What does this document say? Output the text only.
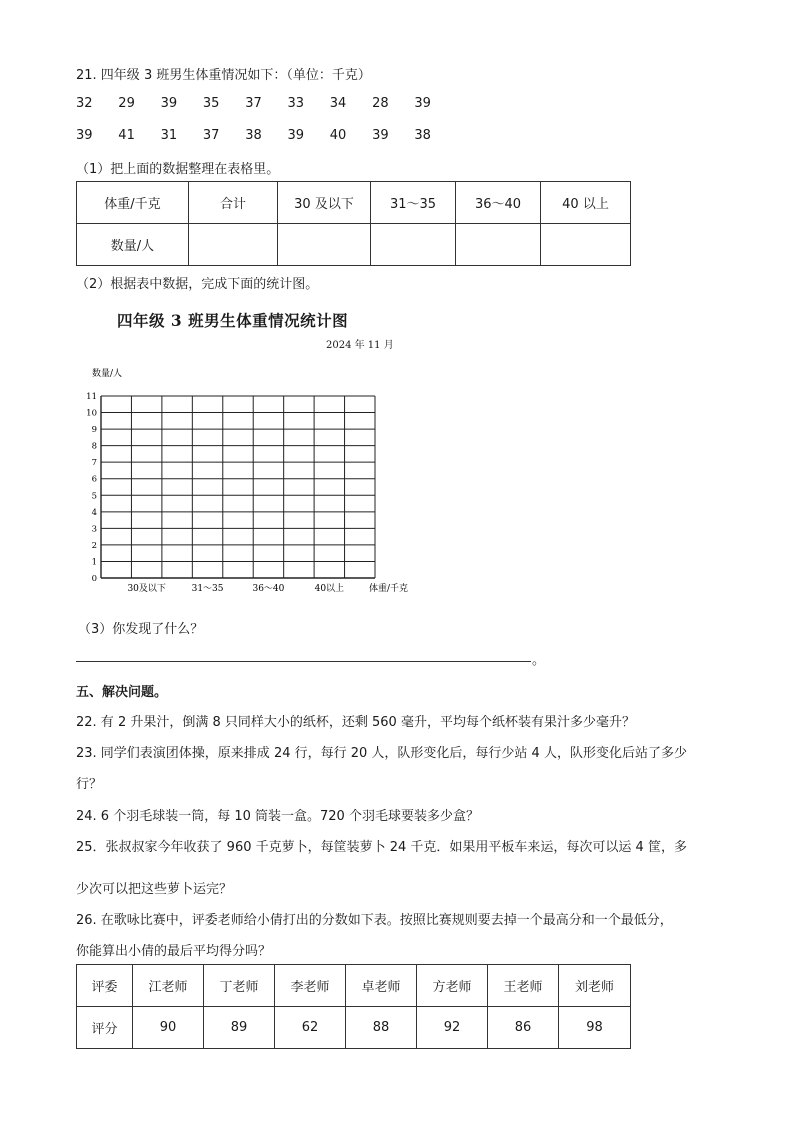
21. 四年级 3 班男生体重情况如下：（单位：千克）
32	29	39	35	37	33	34	28	39
39	41	31	37	38	39	40	39	38
（1）把上面的数据整理在表格里。
体重/千克	合计	30 及以下	31～35	36～40	40 以上
数量/人					
（2）根据表中数据，完成下面的统计图。
四年级 3 班男生体重情况统计图
2024 年 11 月
数量/人
体重/千克
0
1
2
3
4
5
6
7
8
9
10
11
30及以下	31～35	36～40	40以上
（3）你发现了什么？
。
五、解决问题。
22. 有 2 升果汁，倒满 8 只同样大小的纸杯，还剩 560 毫升，平均每个纸杯装有果汁多少毫升？
23. 同学们表演团体操，原来排成 24 行，每行 20 人，队形变化后，每行少站 4 人，队形变化后站了多少
行？
24. 6 个羽毛球装一筒，每 10 筒装一盒。720 个羽毛球要装多少盒？
25．张叔叔家今年收获了 960 千克萝卜，每筐装萝卜 24 千克．如果用平板车来运，每次可以运 4 筐，多
少次可以把这些萝卜运完？
26. 在歌咏比赛中，评委老师给小倩打出的分数如下表。按照比赛规则要去掉一个最高分和一个最低分，
你能算出小倩的最后平均得分吗？
评委	江老师	丁老师	李老师	卓老师	方老师	王老师	刘老师
评分	90	89	62	88	92	86	98
